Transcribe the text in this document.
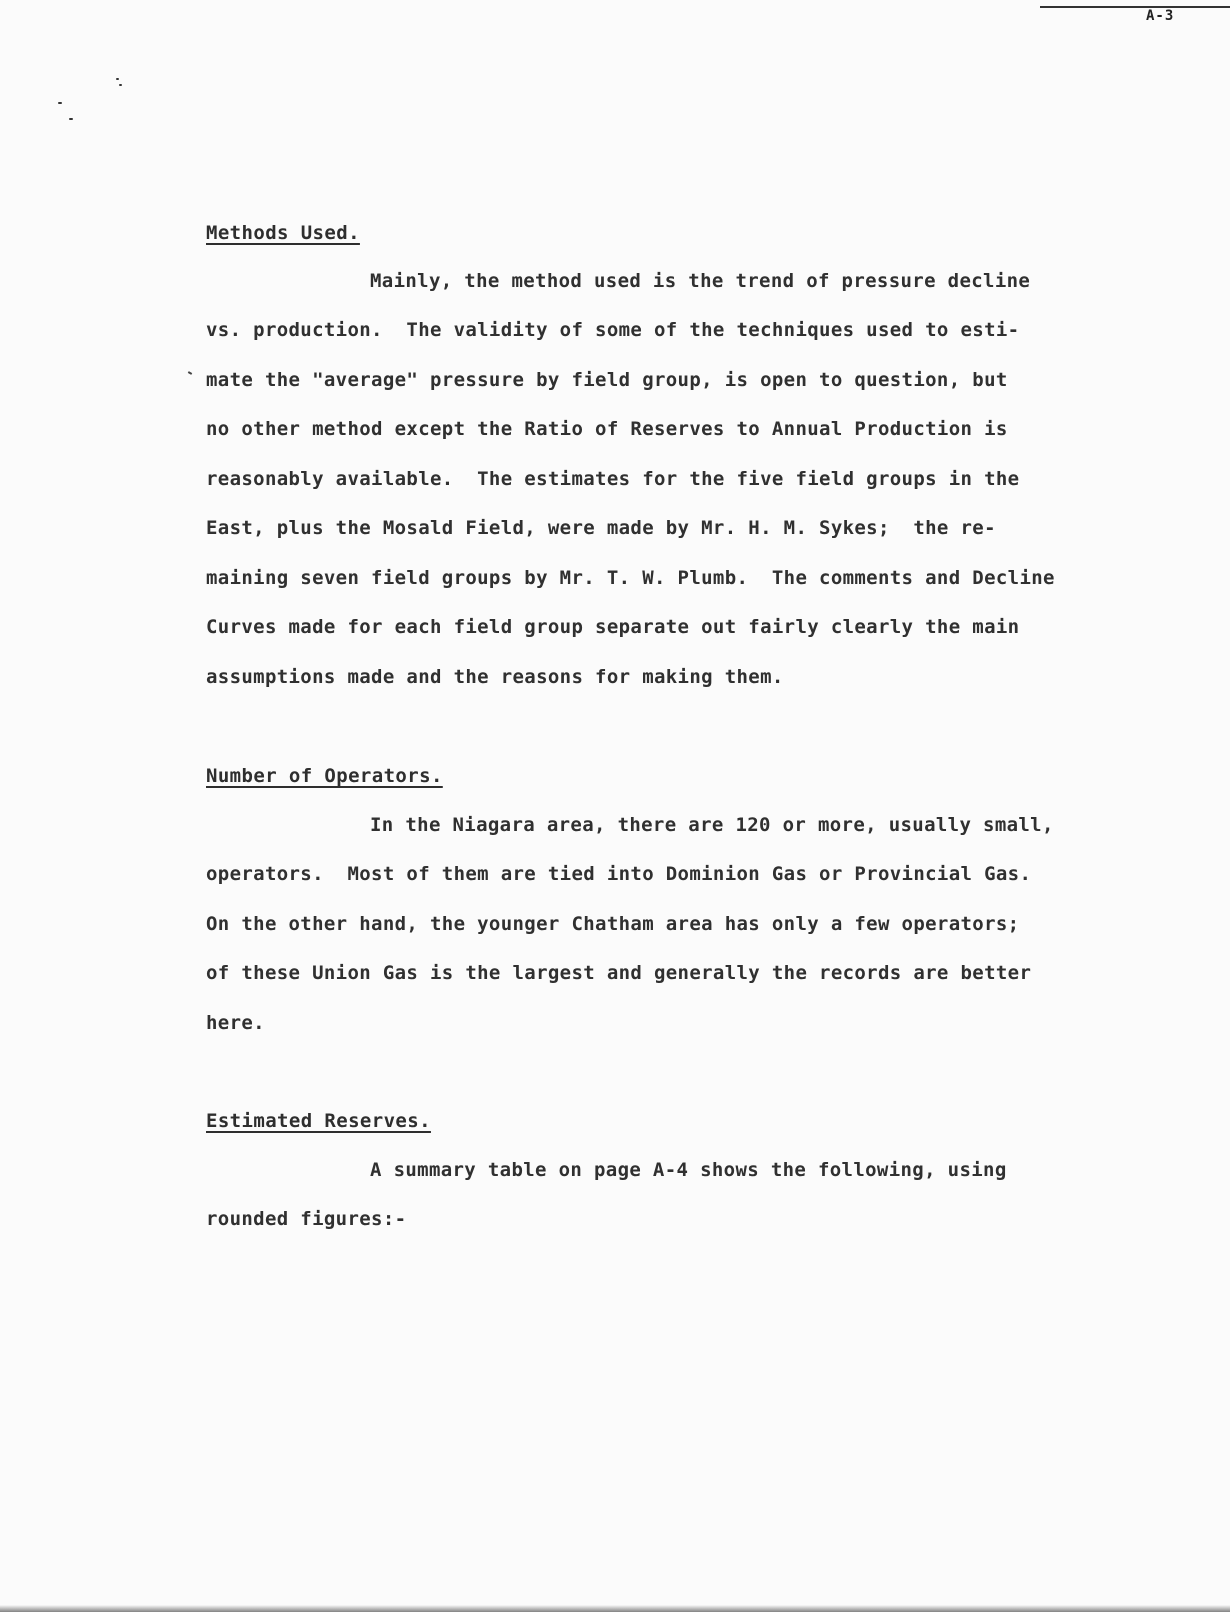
A-3
Methods Used.

Mainly, the method used is the trend of pressure decline

vs. production.  The validity of some of the techniques used to esti-

mate the "average" pressure by field group, is open to question, but

no other method except the Ratio of Reserves to Annual Production is

reasonably available.  The estimates for the five field groups in the

East, plus the Mosald Field, were made by Mr. H. M. Sykes;  the re-

maining seven field groups by Mr. T. W. Plumb.  The comments and Decline

Curves made for each field group separate out fairly clearly the main

assumptions made and the reasons for making them.

Number of Operators.

In the Niagara area, there are 120 or more, usually small,

operators.  Most of them are tied into Dominion Gas or Provincial Gas.

On the other hand, the younger Chatham area has only a few operators;

of these Union Gas is the largest and generally the records are better

here.

Estimated Reserves.

A summary table on page A-4 shows the following, using

rounded figures:-
